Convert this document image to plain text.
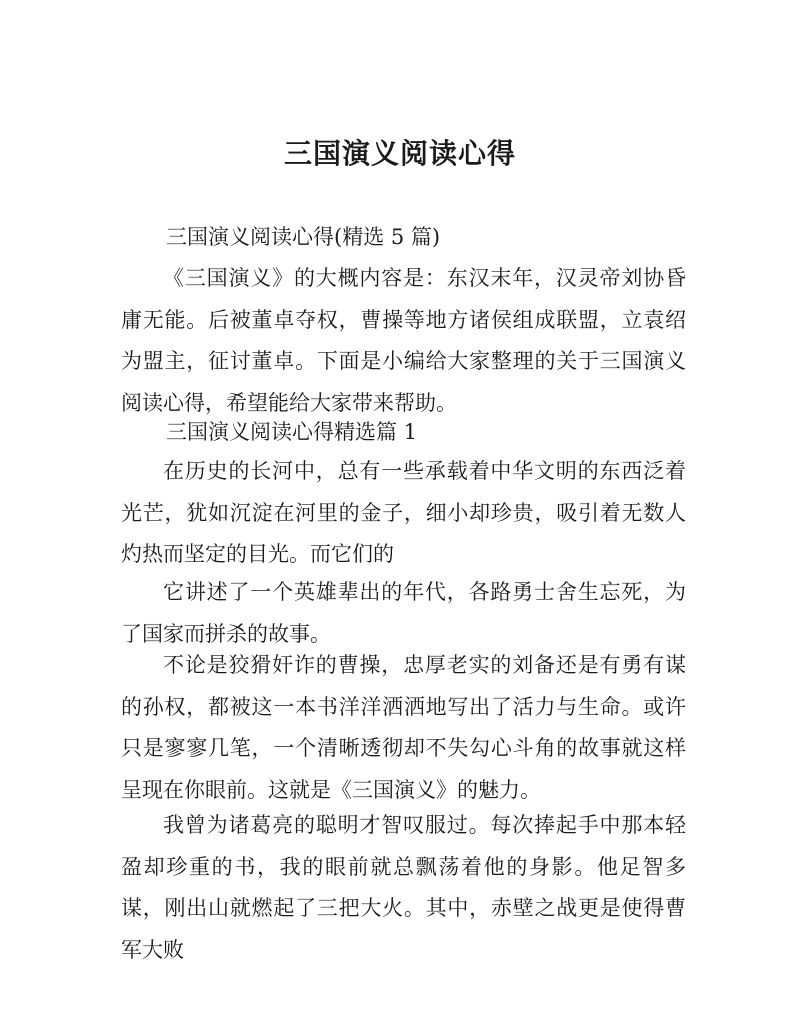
三国演义阅读心得
三国演义阅读心得(精选 5 篇)
《三国演义》的大概内容是：东汉末年，汉灵帝刘协昏庸无能。后被董卓夺权，曹操等地方诸侯组成联盟，立袁绍为盟主，征讨董卓。下面是小编给大家整理的关于三国演义阅读心得，希望能给大家带来帮助。
三国演义阅读心得精选篇 1
在历史的长河中，总有一些承载着中华文明的东西泛着光芒，犹如沉淀在河里的金子，细小却珍贵，吸引着无数人灼热而坚定的目光。而它们的
它讲述了一个英雄辈出的年代，各路勇士舍生忘死，为了国家而拼杀的故事。
不论是狡猾奸诈的曹操，忠厚老实的刘备还是有勇有谋的孙权，都被这一本书洋洋洒洒地写出了活力与生命。或许只是寥寥几笔，一个清晰透彻却不失勾心斗角的故事就这样呈现在你眼前。这就是《三国演义》的魅力。
我曾为诸葛亮的聪明才智叹服过。每次捧起手中那本轻盈却珍重的书，我的眼前就总飘荡着他的身影。他足智多谋，刚出山就燃起了三把大火。其中，赤壁之战更是使得曹军大败
